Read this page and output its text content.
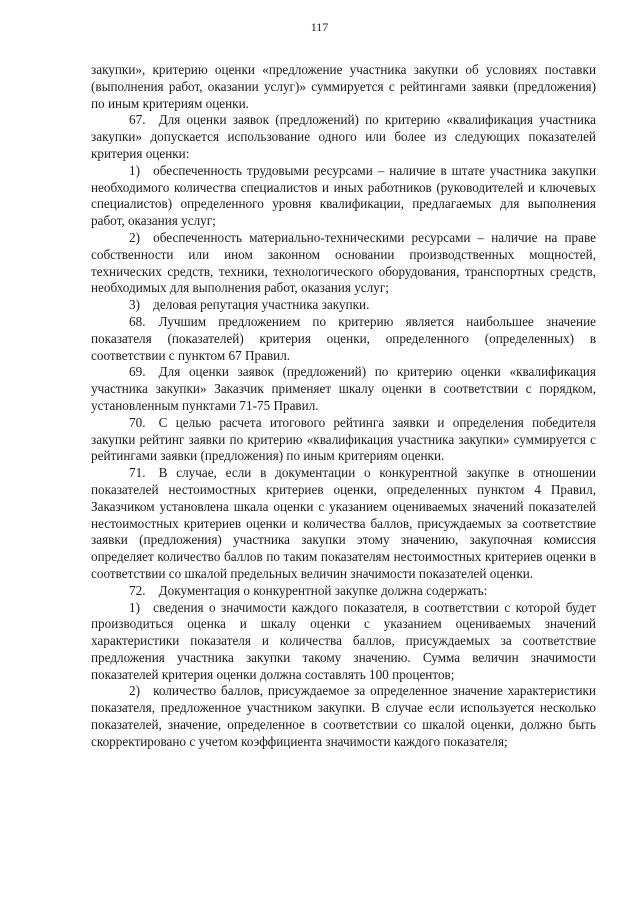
117

закупки», критерию оценки «предложение участника закупки об условиях поставки (выполнения работ, оказании услуг)» суммируется с рейтингами заявки (предложения) по иным критериям оценки.

67. Для оценки заявок (предложений) по критерию «квалификация участника закупки» допускается использование одного или более из следующих показателей критерия оценки:

1) обеспеченность трудовыми ресурсами – наличие в штате участника закупки необходимого количества специалистов и иных работников (руководителей и ключевых специалистов) определенного уровня квалификации, предлагаемых для выполнения работ, оказания услуг;

2) обеспеченность материально-техническими ресурсами – наличие на праве собственности или ином законном основании производственных мощностей, технических средств, техники, технологического оборудования, транспортных средств, необходимых для выполнения работ, оказания услуг;

3) деловая репутация участника закупки.

68. Лучшим предложением по критерию является наибольшее значение показателя (показателей) критерия оценки, определенного (определенных) в соответствии с пунктом 67 Правил.

69. Для оценки заявок (предложений) по критерию оценки «квалификация участника закупки» Заказчик применяет шкалу оценки в соответствии с порядком, установленным пунктами 71-75 Правил.

70. С целью расчета итогового рейтинга заявки и определения победителя закупки рейтинг заявки по критерию «квалификация участника закупки» суммируется с рейтингами заявки (предложения) по иным критериям оценки.

71. В случае, если в документации о конкурентной закупке в отношении показателей нестоимостных критериев оценки, определенных пунктом 4 Правил, Заказчиком установлена шкала оценки с указанием оцениваемых значений показателей нестоимостных критериев оценки и количества баллов, присуждаемых за соответствие заявки (предложения) участника закупки этому значению, закупочная комиссия определяет количество баллов по таким показателям нестоимостных критериев оценки в соответствии со шкалой предельных величин значимости показателей оценки.

72. Документация о конкурентной закупке должна содержать:

1) сведения о значимости каждого показателя, в соответствии с которой будет производиться оценка и шкалу оценки с указанием оцениваемых значений характеристики показателя и количества баллов, присуждаемых за соответствие предложения участника закупки такому значению. Сумма величин значимости показателей критерия оценки должна составлять 100 процентов;

2) количество баллов, присуждаемое за определенное значение характеристики показателя, предложенное участником закупки. В случае если используется несколько показателей, значение, определенное в соответствии со шкалой оценки, должно быть скорректировано с учетом коэффициента значимости каждого показателя;
